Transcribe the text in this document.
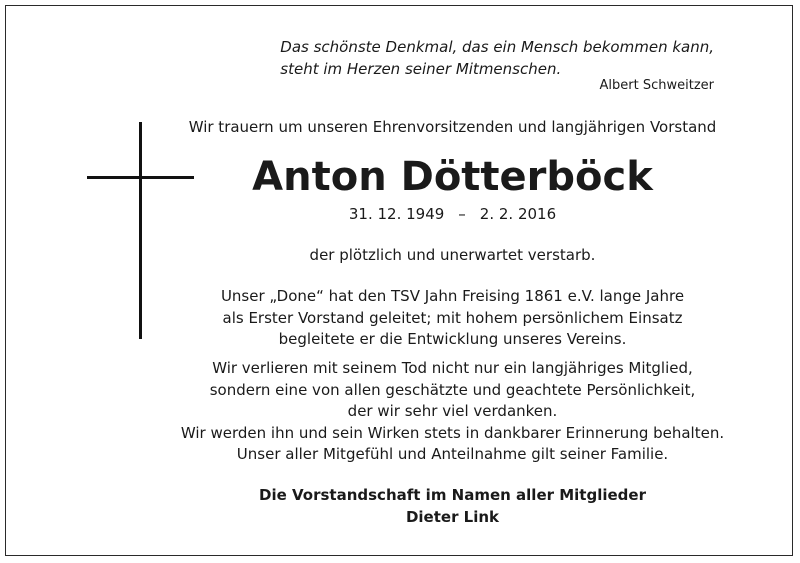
Das schönste Denkmal, das ein Mensch bekommen kann,
steht im Herzen seiner Mitmenschen.
Albert Schweitzer
Wir trauern um unseren Ehrenvorsitzenden und langjährigen Vorstand
Anton Dötterböck
31. 12. 1949 – 2. 2. 2016
der plötzlich und unerwartet verstarb.
Unser „Done“ hat den TSV Jahn Freising 1861 e.V. lange Jahre
als Erster Vorstand geleitet; mit hohem persönlichem Einsatz
begleitete er die Entwicklung unseres Vereins.
Wir verlieren mit seinem Tod nicht nur ein langjähriges Mitglied,
sondern eine von allen geschätzte und geachtete Persönlichkeit,
der wir sehr viel verdanken.
Wir werden ihn und sein Wirken stets in dankbarer Erinnerung behalten.
Unser aller Mitgefühl und Anteilnahme gilt seiner Familie.
Die Vorstandschaft im Namen aller Mitglieder
Dieter Link
